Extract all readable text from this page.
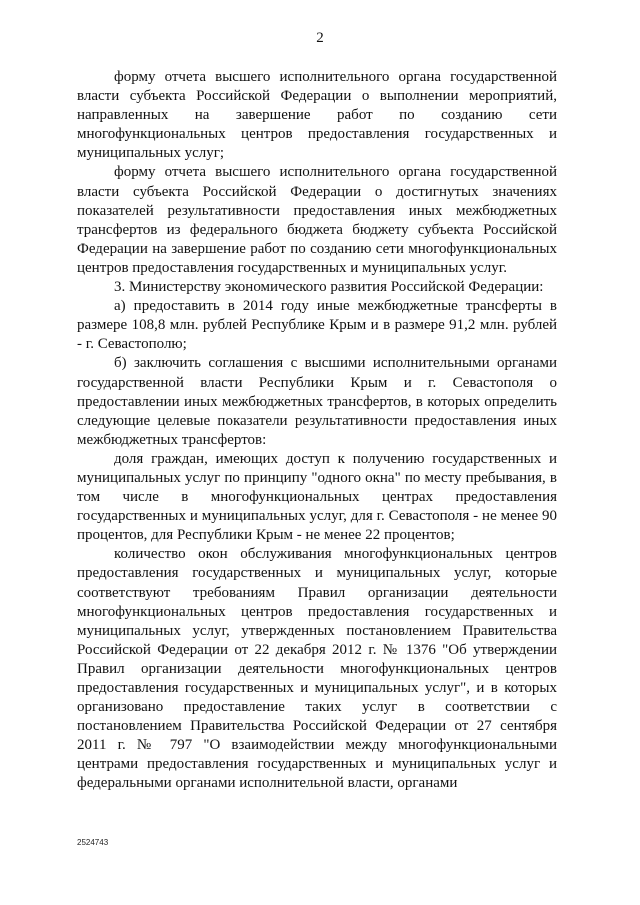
2

форму отчета высшего исполнительного органа государственной власти субъекта Российской Федерации о выполнении мероприятий, направленных на завершение работ по созданию сети многофункциональных центров предоставления государственных и муниципальных услуг;

форму отчета высшего исполнительного органа государственной власти субъекта Российской Федерации о достигнутых значениях показателей результативности предоставления иных межбюджетных трансфертов из федерального бюджета бюджету субъекта Российской Федерации на завершение работ по созданию сети многофункциональных центров предоставления государственных и муниципальных услуг.

3. Министерству экономического развития Российской Федерации:

а) предоставить в 2014 году иные межбюджетные трансферты в размере 108,8 млн. рублей Республике Крым и в размере 91,2 млн. рублей - г. Севастополю;

б) заключить соглашения с высшими исполнительными органами государственной власти Республики Крым и г. Севастополя о предоставлении иных межбюджетных трансфертов, в которых определить следующие целевые показатели результативности предоставления иных межбюджетных трансфертов:

доля граждан, имеющих доступ к получению государственных и муниципальных услуг по принципу "одного окна" по месту пребывания, в том числе в многофункциональных центрах предоставления государственных и муниципальных услуг, для г. Севастополя - не менее 90 процентов, для Республики Крым - не менее 22 процентов;

количество окон обслуживания многофункциональных центров предоставления государственных и муниципальных услуг, которые соответствуют требованиям Правил организации деятельности многофункциональных центров предоставления государственных и муниципальных услуг, утвержденных постановлением Правительства Российской Федерации от 22 декабря 2012 г. № 1376 "Об утверждении Правил организации деятельности многофункциональных центров предоставления государственных и муниципальных услуг", и в которых организовано предоставление таких услуг в соответствии с постановлением Правительства Российской Федерации от 27 сентября 2011 г. № 797 "О взаимодействии между многофункциональными центрами предоставления государственных и муниципальных услуг и федеральными органами исполнительной власти, органами

2524743
